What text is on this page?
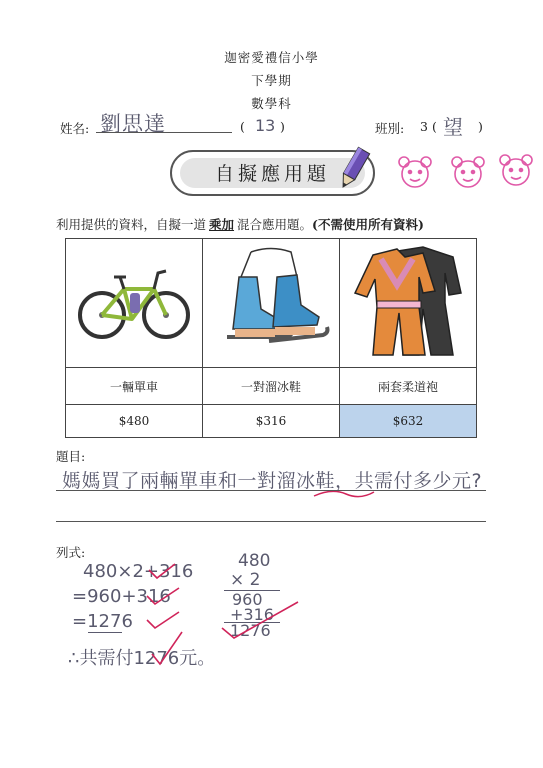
迦密愛禮信小學
下學期
數學科
姓名: 劉思達	( 13 )	班別: 3 ( 望 )
自擬應用題
利用提供的資料，自擬一道 乘加 混合應用題。(不需使用所有資料)

一輛單車	一對溜冰鞋	兩套柔道袍
$480	$316	$632
題目:
媽媽買了兩輛單車和一對溜冰鞋，共需付多少元?
列式:
480×2+316
=960+316
=1276
∴共需付1276元。
480
× 2
960
+316
1276
